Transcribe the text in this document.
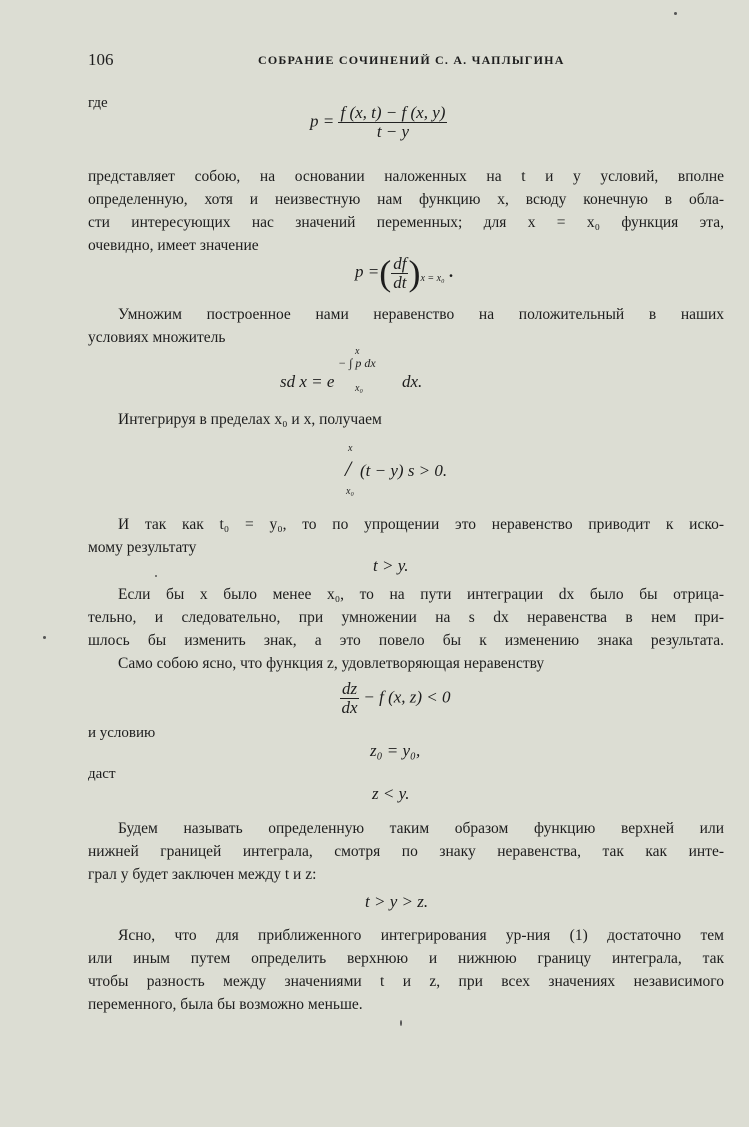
106	СОБРАНИЕ СОЧИНЕНИЙ С. А. ЧАПЛЫГИНА
где
$p = \frac{f (x, t) - f (x, y)}{t - y}$
представляет собою, на основании наложенных на t и y условий, вполне
определенную, хотя и неизвестную нам функцию x, всюду конечную в обла-
сти интересующих нас значений переменных; для x = x₀ функция эта,
очевидно, имеет значение
p =( $\frac{df}{dt} )_{x = x_0}$ .
Умножим построенное нами неравенство на положительный в наших
условиях множитель
x
− ∫ p dx
x₀
sd x = e	dx.
Интегрируя в пределах x₀ и x, получаем
x
/ (t − y) s > 0.
x₀
И так как t₀ = y₀, то по упрощении это неравенство приводит к иско-
мому результату
t > y.
Если бы x было менее x₀, то на пути интеграции dx было бы отрица-
тельно, и следовательно, при умножении на s dx неравенства в нем при-
шлось бы изменить знак, а это повело бы к изменению знака результата.
Само собою ясно, что функция z, удовлетворяющая неравенству
$\frac{dz}{dx} - f$ (x, z) < 0
и условию
z₀ = y₀,
даст
z < y.
Будем называть определенную таким образом функцию верхней или
нижней границей интеграла, смотря по знаку неравенства, так как инте-
грал y будет заключен между t и z:
t > y > z.
Ясно, что для приближенного интегрирования ур-ния (1) достаточно тем
или иным путем определить верхнюю и нижнюю границу интеграла, так
чтобы разность между значениями t и z, при всех значениях независимого
переменного, была бы возможно меньше.
